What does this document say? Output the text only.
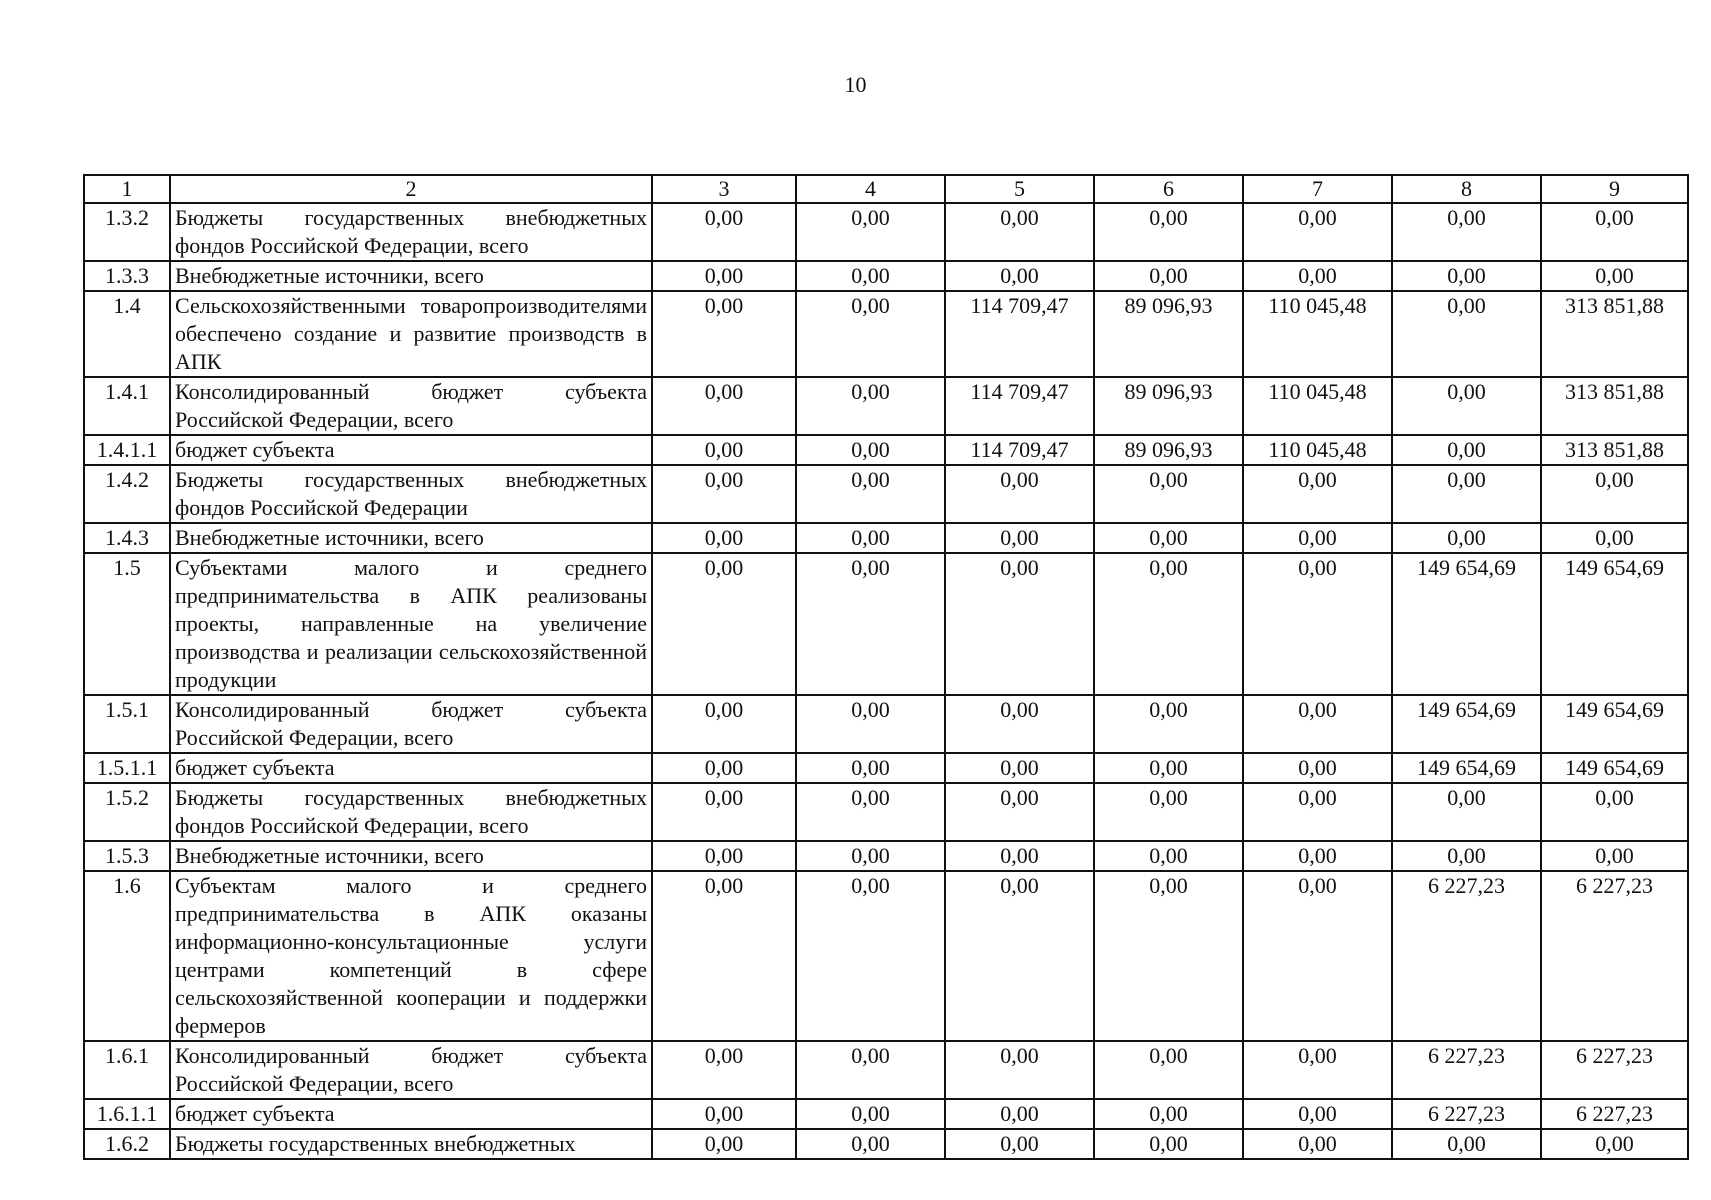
10
1	2	3	4	5	6	7	8	9
1.3.2	Бюджеты государственных внебюджетных фондов Российской Федерации, всего	0,00	0,00	0,00	0,00	0,00	0,00	0,00
1.3.3	Внебюджетные источники, всего	0,00	0,00	0,00	0,00	0,00	0,00	0,00
1.4	Сельскохозяйственными товаропроизводителями обеспечено создание и развитие производств в АПК	0,00	0,00	114 709,47	89 096,93	110 045,48	0,00	313 851,88
1.4.1	Консолидированный бюджет субъекта Российской Федерации, всего	0,00	0,00	114 709,47	89 096,93	110 045,48	0,00	313 851,88
1.4.1.1	бюджет субъекта	0,00	0,00	114 709,47	89 096,93	110 045,48	0,00	313 851,88
1.4.2	Бюджеты государственных внебюджетных фондов Российской Федерации	0,00	0,00	0,00	0,00	0,00	0,00	0,00
1.4.3	Внебюджетные источники, всего	0,00	0,00	0,00	0,00	0,00	0,00	0,00
1.5	Субъектами малого и среднего предпринимательства в АПК реализованы проекты, направленные на увеличение производства и реализации сельскохозяйственной продукции	0,00	0,00	0,00	0,00	0,00	149 654,69	149 654,69
1.5.1	Консолидированный бюджет субъекта Российской Федерации, всего	0,00	0,00	0,00	0,00	0,00	149 654,69	149 654,69
1.5.1.1	бюджет субъекта	0,00	0,00	0,00	0,00	0,00	149 654,69	149 654,69
1.5.2	Бюджеты государственных внебюджетных фондов Российской Федерации, всего	0,00	0,00	0,00	0,00	0,00	0,00	0,00
1.5.3	Внебюджетные источники, всего	0,00	0,00	0,00	0,00	0,00	0,00	0,00
1.6	Субъектам малого и среднего предпринимательства в АПК оказаны информационно-консультационные услуги центрами компетенций в сфере сельскохозяйственной кооперации и поддержки фермеров	0,00	0,00	0,00	0,00	0,00	6 227,23	6 227,23
1.6.1	Консолидированный бюджет субъекта Российской Федерации, всего	0,00	0,00	0,00	0,00	0,00	6 227,23	6 227,23
1.6.1.1	бюджет субъекта	0,00	0,00	0,00	0,00	0,00	6 227,23	6 227,23
1.6.2	Бюджеты государственных внебюджетных	0,00	0,00	0,00	0,00	0,00	0,00	0,00
